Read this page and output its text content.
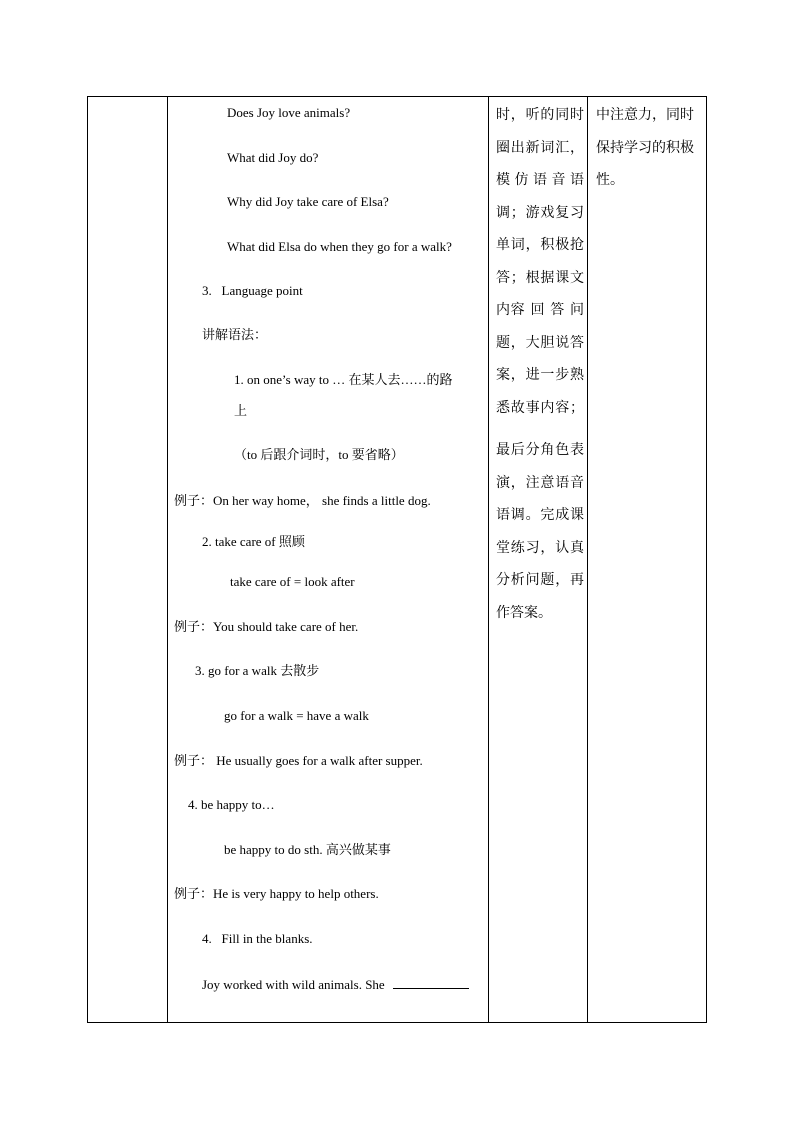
Does Joy love animals?
What did Joy do?
Why did Joy take care of Elsa?
What did Elsa do when they go for a walk?
3.   Language point
讲解语法：
1. on one’s way to … 在某人去……的路
上
（to 后跟介词时，to 要省略）
例子：On her way home， she finds a little dog.
2. take care of 照顾
take care of = look after
例子：You should take care of her.
3. go for a walk 去散步
go for a walk = have a walk
例子： He usually goes for a walk after supper.
4. be happy to…
be happy to do sth. 高兴做某事
例子：He is very happy to help others.
4.   Fill in the blanks.
Joy worked with wild animals. She

时，听的同时

圈出新词汇，

模 仿 语 音 语

调；游戏复习

单词，积极抢

答；根据课文

内容 回 答 问

题，大胆说答

案，进一步熟

悉故事内容；

最后分角色表

演，注意语音

语调。完成课

堂练习，认真

分析问题，再

作答案。

中注意力，同时

保持学习的积极

性。
